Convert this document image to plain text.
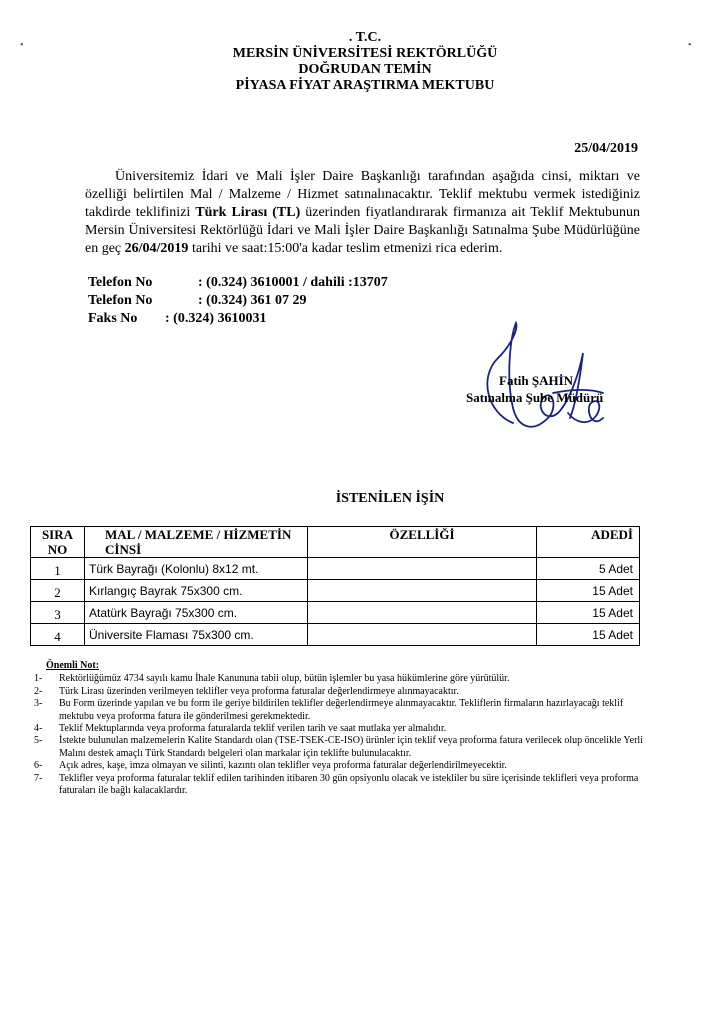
•	•
. T.C.
MERSİN ÜNİVERSİTESİ REKTÖRLÜĞÜ
DOĞRUDAN TEMİN
PİYASA FİYAT ARAŞTIRMA MEKTUBU
25/04/2019
Üniversitemiz İdari ve Mali İşler Daire Başkanlığı tarafından aşağıda cinsi, miktarı ve özelliği belirtilen Mal / Malzeme / Hizmet satınalınacaktır. Teklif mektubu vermek istediğiniz takdirde teklifinizi Türk Lirası (TL) üzerinden fiyatlandırarak firmanıza ait Teklif Mektubunun Mersin Üniversitesi Rektörlüğü İdari ve Mali İşler Daire Başkanlığı Satınalma Şube Müdürlüğüne en geç 26/04/2019 tarihi ve saat:15:00'a kadar teslim etmenizi rica ederim.
Telefon No	: (0.324) 3610001 / dahili :13707
Telefon No	: (0.324) 361 07 29
Faks No	: (0.324) 3610031
Fatih ŞAHİN
Satınalma Şube Müdürü
İSTENİLEN İŞİN
SIRA NO	MAL / MALZEME / HİZMETİN CİNSİ	ÖZELLİĞİ	ADEDİ
1	Türk Bayrağı (Kolonlu) 8x12 mt.		5 Adet
2	Kırlangıç Bayrak 75x300 cm.		15 Adet
3	Atatürk Bayrağı 75x300 cm.		15 Adet
4	Üniversite Flaması 75x300 cm.		15 Adet
Önemli Not:
1-	Rektörlüğümüz 4734 sayılı kamu İhale Kanununa tabii olup, bütün işlemler bu yasa hükümlerine göre yürütülür.
2-	Türk Lirası üzerinden verilmeyen teklifler veya proforma faturalar değerlendirmeye alınmayacaktır.
3-	Bu Form üzerinde yapılan ve bu form ile geriye bildirilen teklifler değerlendirmeye alınmayacaktır. Tekliflerin firmaların hazırlayacağı teklif mektubu veya proforma fatura ile gönderilmesi gerekmektedir.
4-	Teklif Mektuplarında veya proforma faturalarda teklif verilen tarih ve saat mutlaka yer almalıdır.
5-	İstekte bulunulan malzemelerin Kalite Standardı olan (TSE-TSEK-CE-ISO) ürünler için teklif veya proforma fatura verilecek olup öncelikle Yerli Malını destek amaçlı Türk Standardı belgeleri olan markalar için teklifte bulunulacaktır.
6-	Açık adres, kaşe, imza olmayan ve silinti, kazıntı olan teklifler veya proforma faturalar değerlendirilmeyecektir.
7-	Teklifler veya proforma faturalar teklif edilen tarihinden itibaren 30 gün opsiyonlu olacak ve istekliler bu süre içerisinde teklifleri veya proforma faturaları ile bağlı kalacaklardır.
